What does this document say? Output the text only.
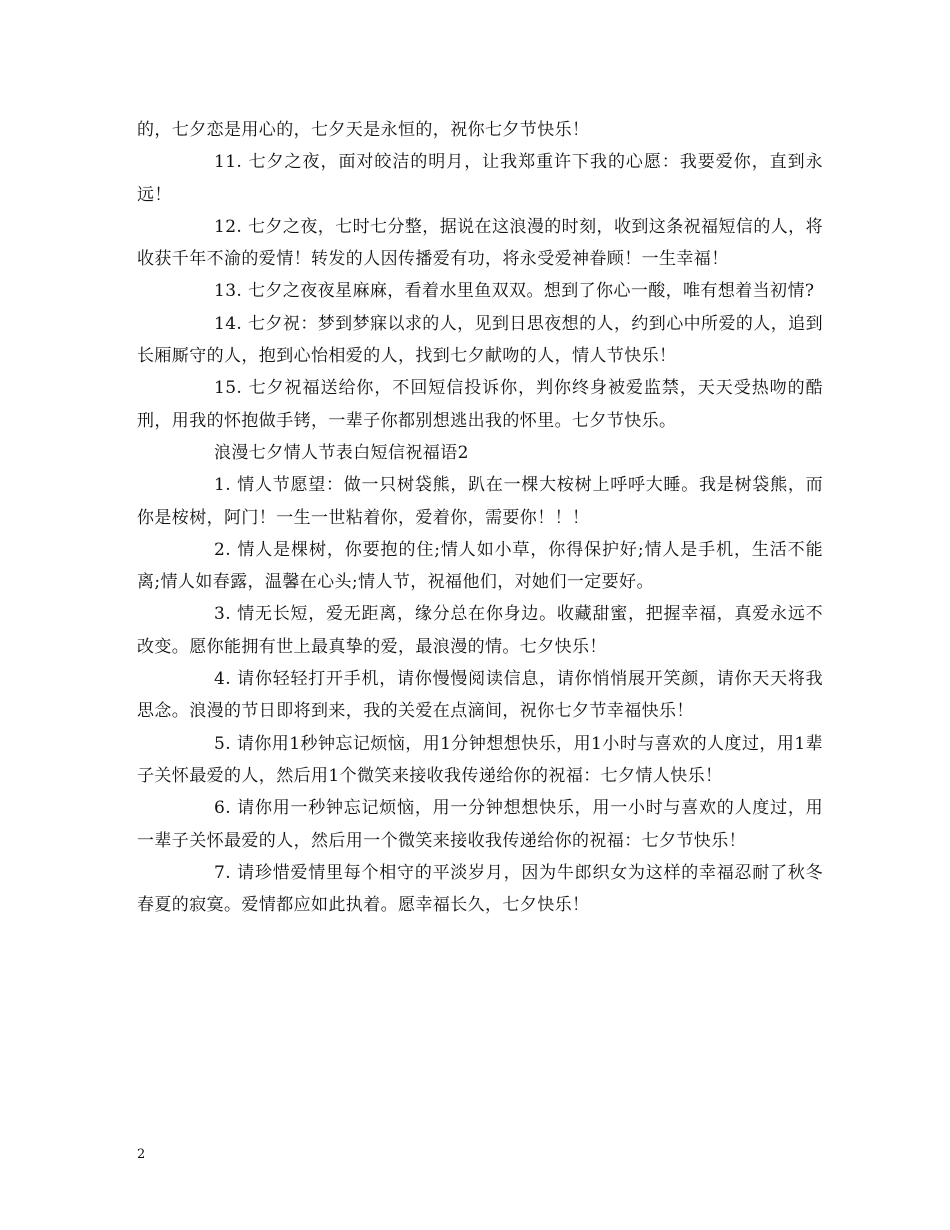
的，七夕恋是用心的，七夕天是永恒的，祝你七夕节快乐！

11. 七夕之夜，面对皎洁的明月，让我郑重许下我的心愿：我要爱你，直到永远！

12. 七夕之夜，七时七分整，据说在这浪漫的时刻，收到这条祝福短信的人，将收获千年不渝的爱情！转发的人因传播爱有功，将永受爱神眷顾！一生幸福！

13. 七夕之夜夜星麻麻，看着水里鱼双双。想到了你心一酸，唯有想着当初情?

14. 七夕祝：梦到梦寐以求的人，见到日思夜想的人，约到心中所爱的人，追到长厢厮守的人，抱到心怡相爱的人，找到七夕献吻的人，情人节快乐！

15. 七夕祝福送给你，不回短信投诉你，判你终身被爱监禁，天天受热吻的酷刑，用我的怀抱做手铐，一辈子你都别想逃出我的怀里。七夕节快乐。

浪漫七夕情人节表白短信祝福语2

1. 情人节愿望：做一只树袋熊，趴在一棵大桉树上呼呼大睡。我是树袋熊，而你是桉树，阿门！一生一世粘着你，爱着你，需要你！！！

2. 情人是棵树，你要抱的住;情人如小草，你得保护好;情人是手机，生活不能离;情人如春露，温馨在心头;情人节，祝福他们，对她们一定要好。

3. 情无长短，爱无距离，缘分总在你身边。收藏甜蜜，把握幸福，真爱永远不改变。愿你能拥有世上最真挚的爱，最浪漫的情。七夕快乐！

4. 请你轻轻打开手机，请你慢慢阅读信息，请你悄悄展开笑颜，请你天天将我思念。浪漫的节日即将到来，我的关爱在点滴间，祝你七夕节幸福快乐！

5. 请你用1秒钟忘记烦恼，用1分钟想想快乐，用1小时与喜欢的人度过，用1辈子关怀最爱的人，然后用1个微笑来接收我传递给你的祝福：七夕情人快乐！

6. 请你用一秒钟忘记烦恼，用一分钟想想快乐，用一小时与喜欢的人度过，用一辈子关怀最爱的人，然后用一个微笑来接收我传递给你的祝福：七夕节快乐！

7. 请珍惜爱情里每个相守的平淡岁月，因为牛郎织女为这样的幸福忍耐了秋冬春夏的寂寞。爱情都应如此执着。愿幸福长久，七夕快乐！

2
